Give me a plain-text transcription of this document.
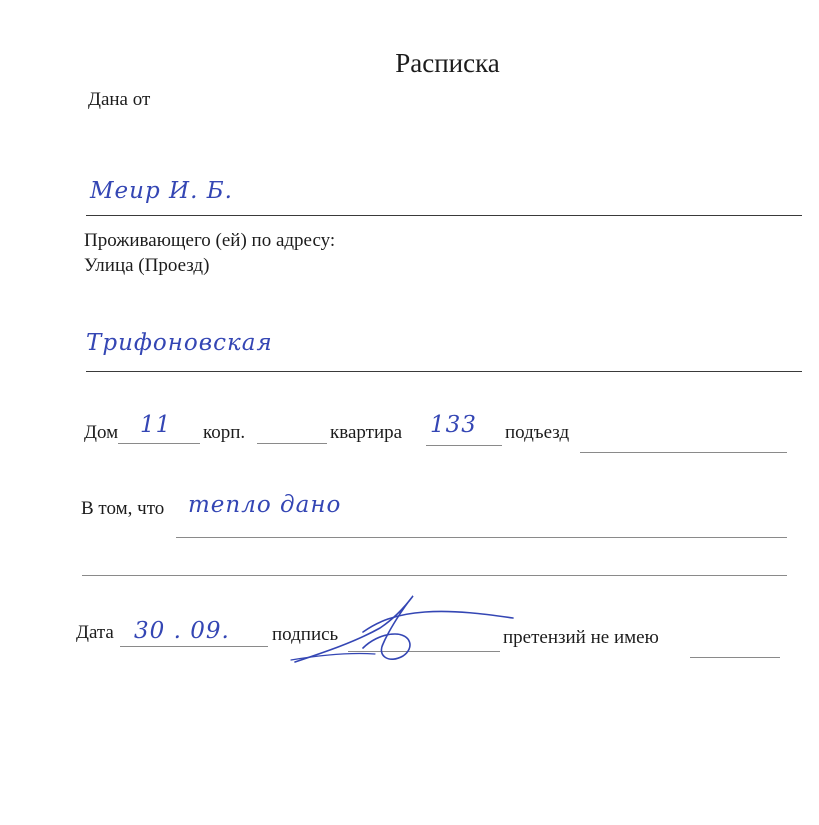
Расписка
Дана от
Меир И. Б.
Проживающего (ей) по адресу:
Улица (Проезд)
Трифоновская
Дом 11 корп.	квартира 133 подъезд
В том, что тепло дано
Дата 30 . 09. подпись	претензий не имею
